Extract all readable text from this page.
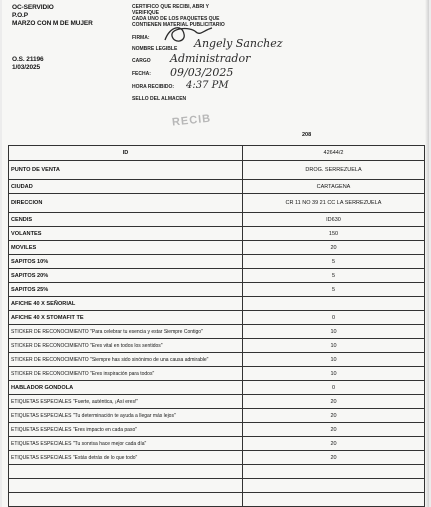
OC-SERVIDIO
P.O.P
MARZO CON M DE MUJER
O.S. 21196
1/03/2025
CERTIFICO QUE RECIBI, ABRI Y
VERIFIQUE
CADA UNO DE LOS PAQUETES QUE
CONTIENEN MATERIAL PUBLICITARIO
FIRMA:
NOMBRE LEGIBLE
CARGO
FECHA:
HORA RECIBIDO:
SELLO DEL ALMACEN
Angely Sanchez
Administrador
09/03/2025
4:37 PM
RECIB
208
ID	42644/2
PUNTO DE VENTA	DROG. SERREZUELA
CIUDAD	CARTAGENA
DIRECCION	CR 11 NO 39 21 CC LA SERREZUELA
CENDIS	ID630
VOLANTES	150
MOVILES	20
SAPITOS 10%	5
SAPITOS 20%	5
SAPITOS 25%	5
AFICHE 40 X SEÑORIAL	
AFICHE 40 X STOMAFIT TE	0
STICKER DE RECONOCIMIENTO "Para celebrar tu esencia y estar Siempre Contigo"	10
STICKER DE RECONOCIMIENTO "Eres vital en todos los sentidos"	10
STICKER DE RECONOCIMIENTO "Siempre has sido sinónimo de una causa admirable"	10
STICKER DE RECONOCIMIENTO "Eres inspiración para todos"	10
HABLADOR GONDOLA	0
ETIQUETAS ESPECIALES "Fuerte, auténtica, ¡Así eres!"	20
ETIQUETAS ESPECIALES "Tu determinación te ayuda a llegar más lejos"	20
ETIQUETAS ESPECIALES "Eres impacto en cada paso"	20
ETIQUETAS ESPECIALES "Tu sonrisa hace mejor cada día"	20
ETIQUETAS ESPECIALES "Estás detrás de lo que todo"	20
